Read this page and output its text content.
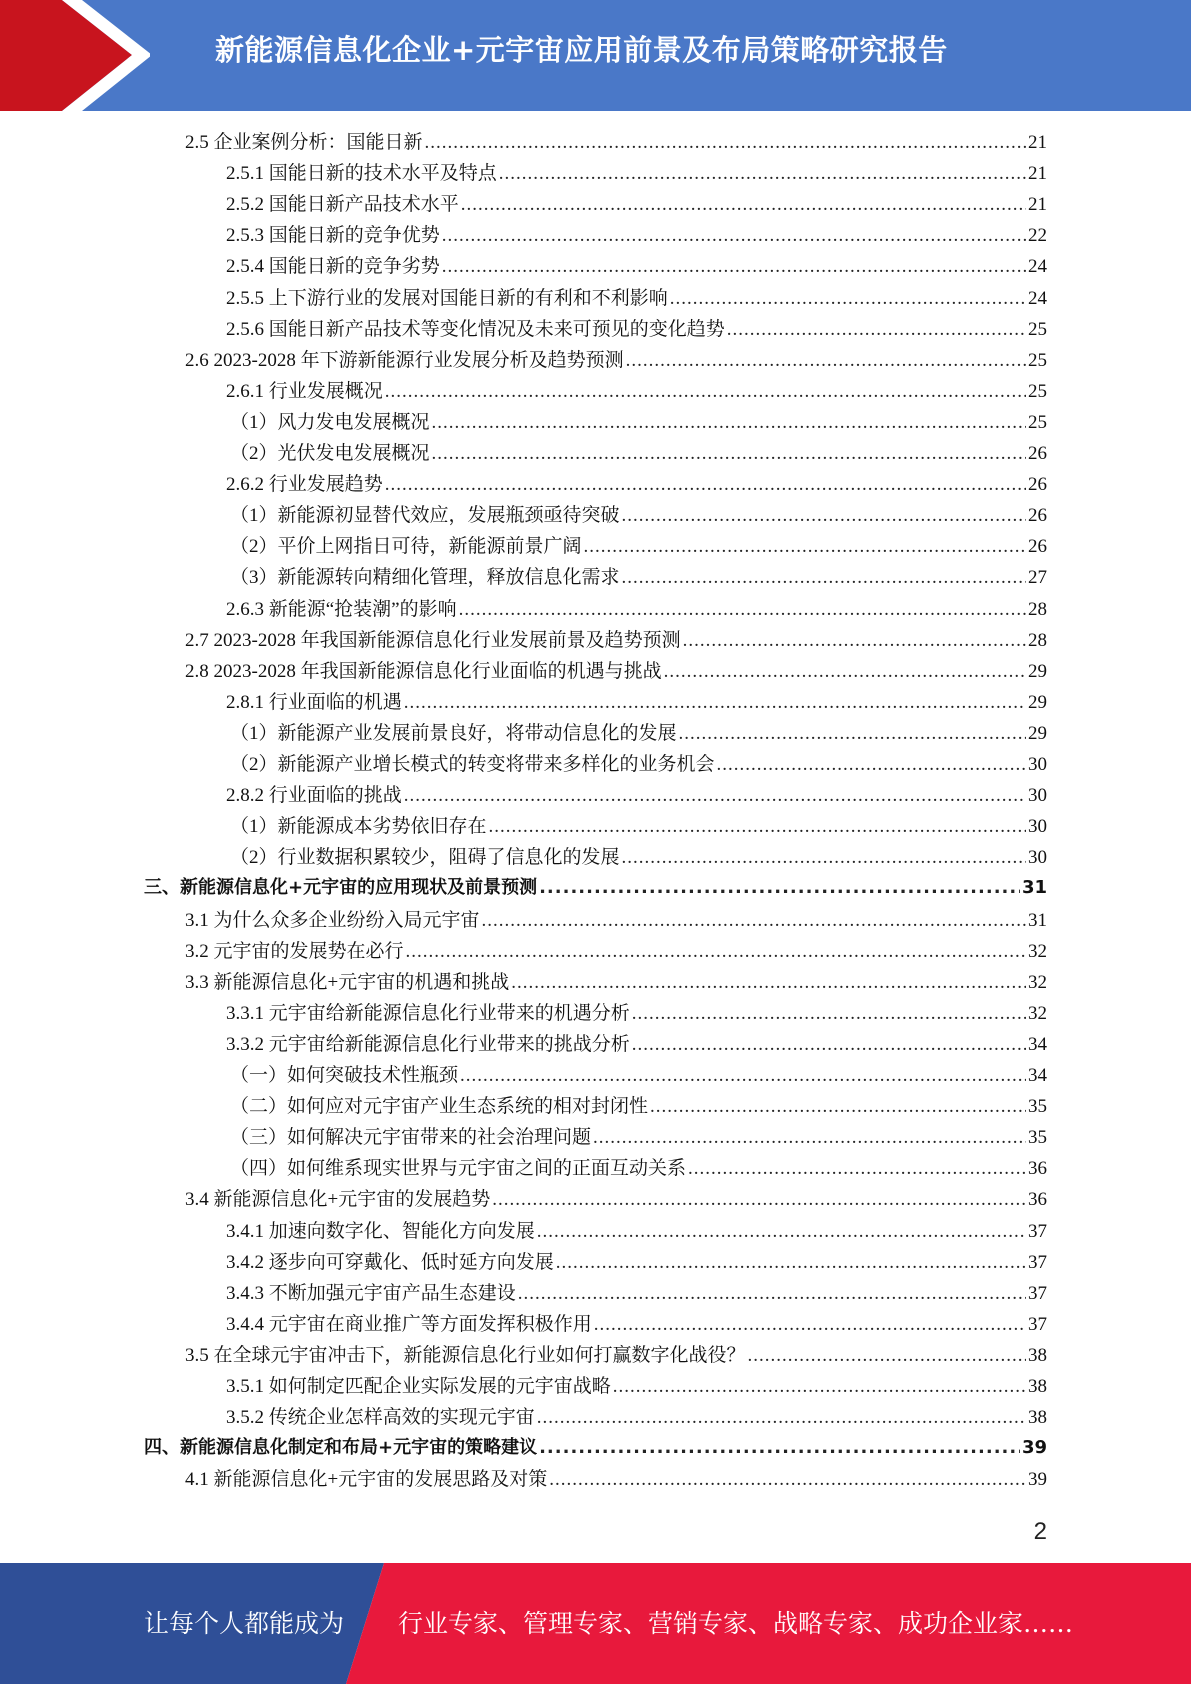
新能源信息化企业+元宇宙应用前景及布局策略研究报告
2.5 企业案例分析：国能日新 .....	21
2.5.1 国能日新的技术水平及特点 .....	21
2.5.2 国能日新产品技术水平 .....	21
2.5.3 国能日新的竞争优势 .....	22
2.5.4 国能日新的竞争劣势 .....	24
2.5.5 上下游行业的发展对国能日新的有利和不利影响 .....	24
2.5.6 国能日新产品技术等变化情况及未来可预见的变化趋势 .....	25
2.6 2023-2028 年下游新能源行业发展分析及趋势预测 .....	25
2.6.1 行业发展概况 .....	25
（1）风力发电发展概况 .....	25
（2）光伏发电发展概况 .....	26
2.6.2 行业发展趋势 .....	26
（1）新能源初显替代效应，发展瓶颈亟待突破 .....	26
（2）平价上网指日可待，新能源前景广阔 .....	26
（3）新能源转向精细化管理，释放信息化需求 .....	27
2.6.3 新能源“抢装潮”的影响 .....	28
2.7 2023-2028 年我国新能源信息化行业发展前景及趋势预测 .....	28
2.8 2023-2028 年我国新能源信息化行业面临的机遇与挑战 .....	29
2.8.1 行业面临的机遇 .....	29
（1）新能源产业发展前景良好，将带动信息化的发展 .....	29
（2）新能源产业增长模式的转变将带来多样化的业务机会 .....	30
2.8.2 行业面临的挑战 .....	30
（1）新能源成本劣势依旧存在 .....	30
（2）行业数据积累较少，阻碍了信息化的发展 .....	30
三、新能源信息化+元宇宙的应用现状及前景预测 .....	31
3.1 为什么众多企业纷纷入局元宇宙 .....	31
3.2 元宇宙的发展势在必行 .....	32
3.3 新能源信息化+元宇宙的机遇和挑战 .....	32
3.3.1 元宇宙给新能源信息化行业带来的机遇分析 .....	32
3.3.2 元宇宙给新能源信息化行业带来的挑战分析 .....	34
（一）如何突破技术性瓶颈 .....	34
（二）如何应对元宇宙产业生态系统的相对封闭性 .....	35
（三）如何解决元宇宙带来的社会治理问题 .....	35
（四）如何维系现实世界与元宇宙之间的正面互动关系 .....	36
3.4 新能源信息化+元宇宙的发展趋势 .....	36
3.4.1 加速向数字化、智能化方向发展 .....	37
3.4.2 逐步向可穿戴化、低时延方向发展 .....	37
3.4.3 不断加强元宇宙产品生态建设 .....	37
3.4.4 元宇宙在商业推广等方面发挥积极作用 .....	37
3.5 在全球元宇宙冲击下，新能源信息化行业如何打赢数字化战役？ .....	38
3.5.1 如何制定匹配企业实际发展的元宇宙战略 .....	38
3.5.2 传统企业怎样高效的实现元宇宙 .....	38
四、新能源信息化制定和布局+元宇宙的策略建议 .....	39
4.1 新能源信息化+元宇宙的发展思路及对策 .....	39
2
让每个人都能成为 行业专家、管理专家、营销专家、战略专家、成功企业家……
